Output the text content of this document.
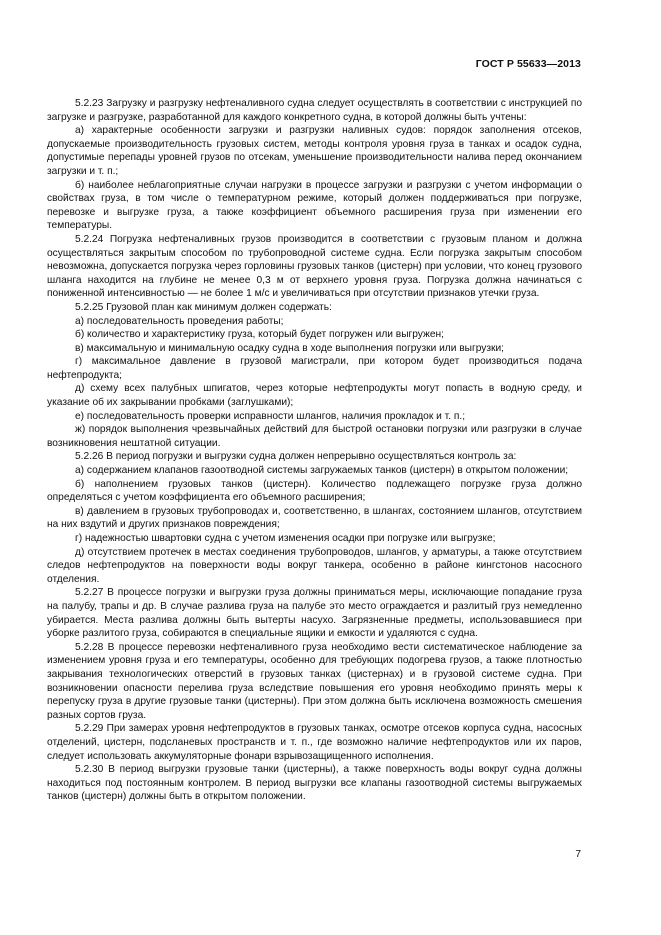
ГОСТ Р 55633—2013

5.2.23 Загрузку и разгрузку нефтеналивного судна следует осуществлять в соответствии с инструкцией по загрузке и разгрузке, разработанной для каждого конкретного судна, в которой должны быть учтены:

а) характерные особенности загрузки и разгрузки наливных судов: порядок заполнения отсеков, допускаемые производительность грузовых систем, методы контроля уровня груза в танках и осадок судна, допустимые перепады уровней грузов по отсекам, уменьшение производительности налива перед окончанием загрузки и т. п.;

б) наиболее неблагоприятные случаи нагрузки в процессе загрузки и разгрузки с учетом информации о свойствах груза, в том числе о температурном режиме, который должен поддерживаться при погрузке, перевозке и выгрузке груза, а также коэффициент объемного расширения груза при изменении его температуры.

5.2.24 Погрузка нефтеналивных грузов производится в соответствии с грузовым планом и должна осуществляться закрытым способом по трубопроводной системе судна. Если погрузка закрытым способом невозможна, допускается погрузка через горловины грузовых танков (цистерн) при условии, что конец грузового шланга находится на глубине не менее 0,3 м от верхнего уровня груза. Погрузка должна начинаться с пониженной интенсивностью — не более 1 м/с и увеличиваться при отсутствии признаков утечки груза.

5.2.25 Грузовой план как минимум должен содержать:

а) последовательность проведения работы;

б) количество и характеристику груза, который будет погружен или выгружен;

в) максимальную и минимальную осадку судна в ходе выполнения погрузки или выгрузки;

г) максимальное давление в грузовой магистрали, при котором будет производиться подача нефтепродукта;

д) схему всех палубных шпигатов, через которые нефтепродукты могут попасть в водную среду, и указание об их закрывании пробками (заглушками);

е) последовательность проверки исправности шлангов, наличия прокладок и т. п.;

ж) порядок выполнения чрезвычайных действий для быстрой остановки погрузки или разгрузки в случае возникновения нештатной ситуации.

5.2.26 В период погрузки и выгрузки судна должен непрерывно осуществляться контроль за:

а) содержанием клапанов газоотводной системы загружаемых танков (цистерн) в открытом положении;

б) наполнением грузовых танков (цистерн). Количество подлежащего погрузке груза должно определяться с учетом коэффициента его объемного расширения;

в) давлением в грузовых трубопроводах и, соответственно, в шлангах, состоянием шлангов, отсутствием на них вздутий и других признаков повреждения;

г) надежностью швартовки судна с учетом изменения осадки при погрузке или выгрузке;

д) отсутствием протечек в местах соединения трубопроводов, шлангов, у арматуры, а также отсутствием следов нефтепродуктов на поверхности воды вокруг танкера, особенно в районе кингстонов насосного отделения.

5.2.27 В процессе погрузки и выгрузки груза должны приниматься меры, исключающие попадание груза на палубу, трапы и др. В случае разлива груза на палубе это место ограждается и разлитый груз немедленно убирается. Места разлива должны быть вытерты насухо. Загрязненные предметы, использовавшиеся при уборке разлитого груза, собираются в специальные ящики и емкости и удаляются с судна.

5.2.28 В процессе перевозки нефтеналивного груза необходимо вести систематическое наблюдение за изменением уровня груза и его температуры, особенно для требующих подогрева грузов, а также плотностью закрывания технологических отверстий в грузовых танках (цистернах) и в грузовой системе судна. При возникновении опасности перелива груза вследствие повышения его уровня необходимо принять меры к перепуску груза в другие грузовые танки (цистерны). При этом должна быть исключена возможность смешения разных сортов груза.

5.2.29 При замерах уровня нефтепродуктов в грузовых танках, осмотре отсеков корпуса судна, насосных отделений, цистерн, подсланевых пространств и т. п., где возможно наличие нефтепродуктов или их паров, следует использовать аккумуляторные фонари взрывозащищенного исполнения.

5.2.30 В период выгрузки грузовые танки (цистерны), а также поверхность воды вокруг судна должны находиться под постоянным контролем. В период выгрузки все клапаны газоотводной системы выгружаемых танков (цистерн) должны быть в открытом положении.

7
